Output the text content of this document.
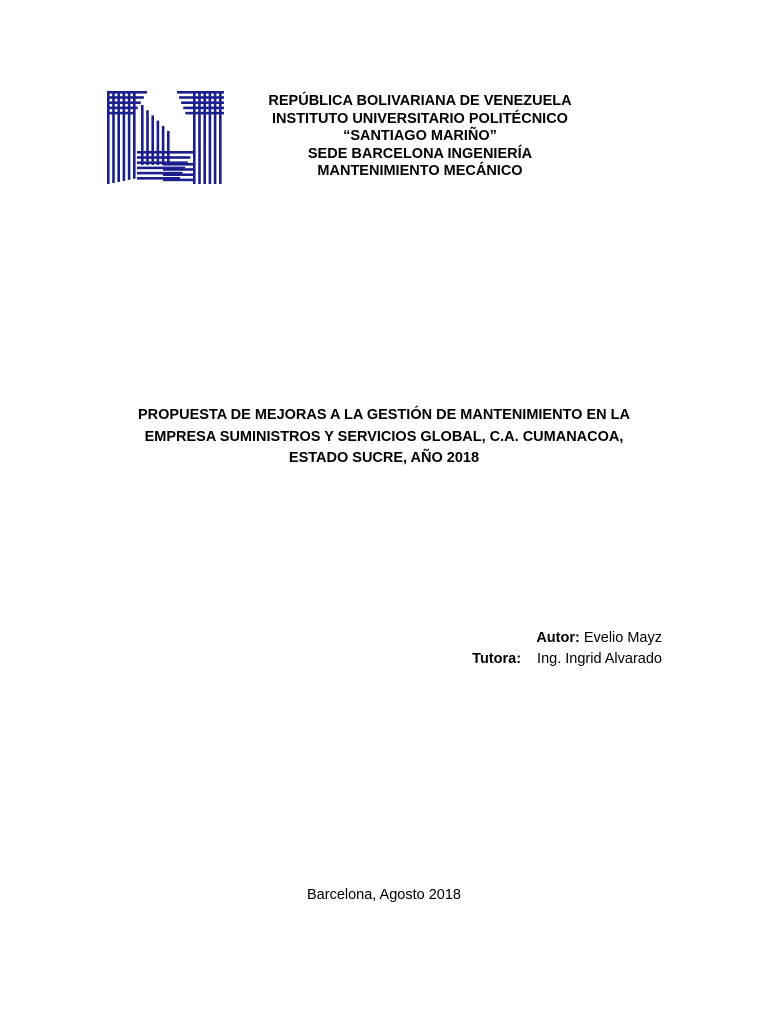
REPÚBLICA BOLIVARIANA DE VENEZUELA
INSTITUTO UNIVERSITARIO POLITÉCNICO
“SANTIAGO MARIÑO”
SEDE BARCELONA INGENIERÍA
MANTENIMIENTO MECÁNICO
PROPUESTA DE MEJORAS A LA GESTIÓN DE MANTENIMIENTO EN LA
EMPRESA SUMINISTROS Y SERVICIOS GLOBAL, C.A. CUMANACOA,
ESTADO SUCRE, AÑO 2018
Autor: Evelio Mayz
Tutora: Ing. Ingrid Alvarado
Barcelona, Agosto 2018
